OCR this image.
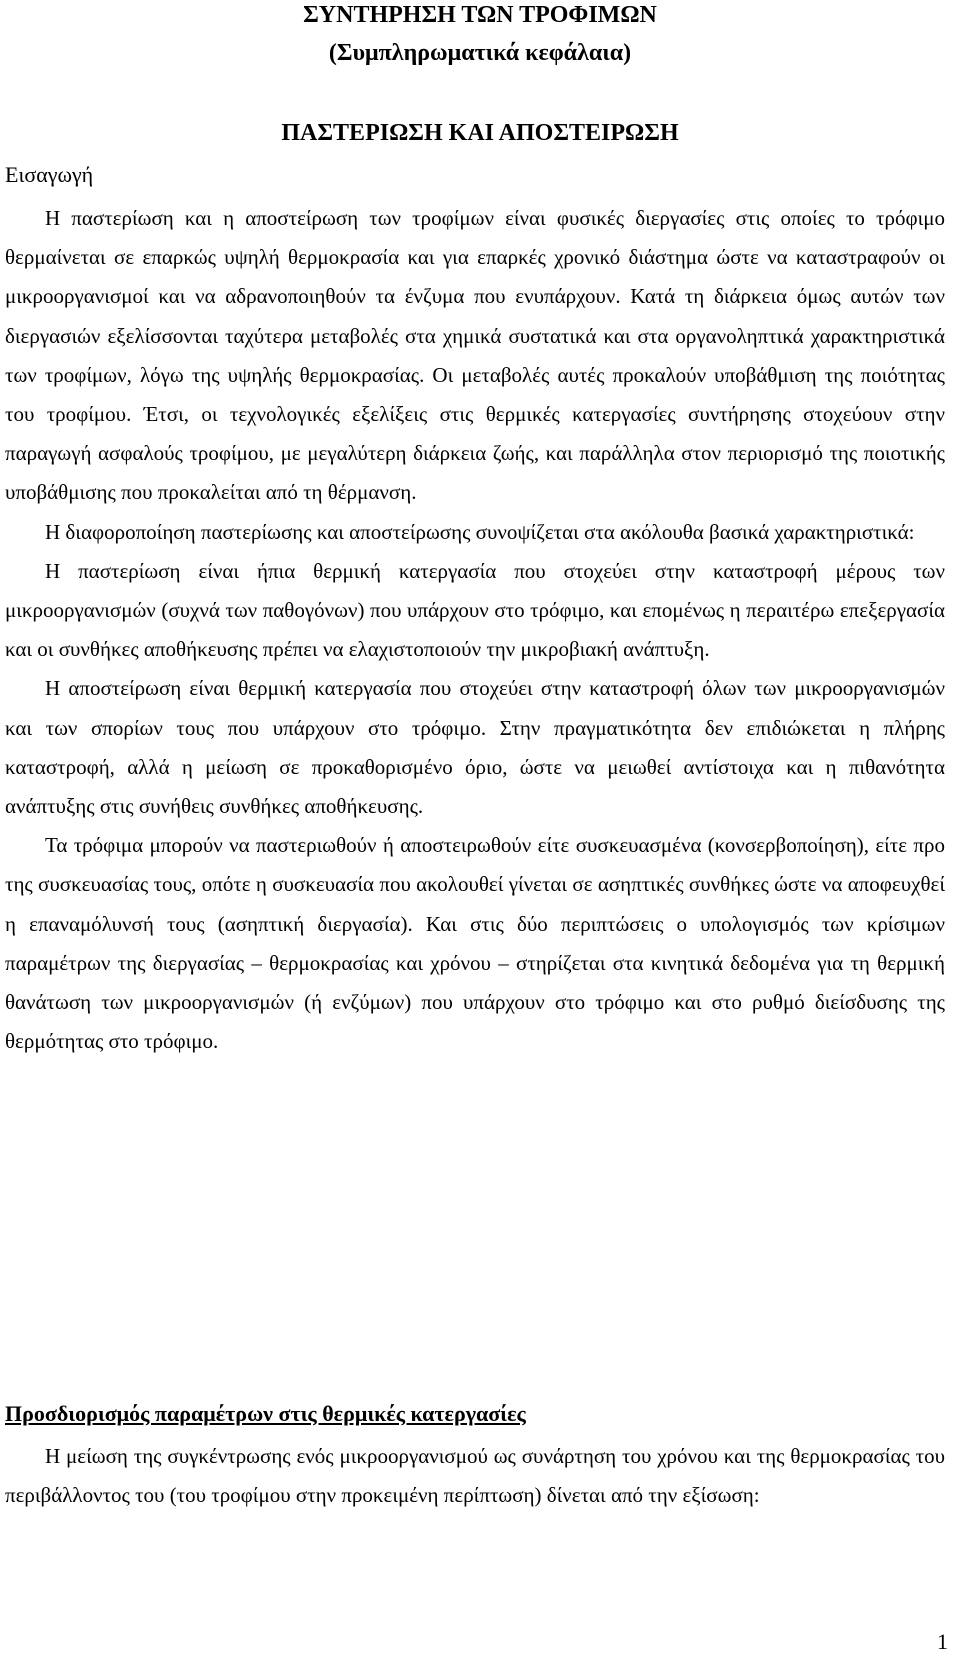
ΣΥΝΤΗΡΗΣΗ ΤΩΝ ΤΡΟΦΙΜΩΝ
(Συμπληρωματικά κεφάλαια)
ΠΑΣΤΕΡΙΩΣΗ ΚΑΙ ΑΠΟΣΤΕΙΡΩΣΗ
Εισαγωγή

Η παστερίωση και η αποστείρωση των τροφίμων είναι φυσικές διεργασίες στις οποίες το τρόφιμο θερμαίνεται σε επαρκώς υψηλή θερμοκρασία και για επαρκές χρονικό διάστημα ώστε να καταστραφούν οι μικροοργανισμοί και να αδρανοποιηθούν τα ένζυμα που ενυπάρχουν. Κατά τη διάρκεια όμως αυτών των διεργασιών εξελίσσονται ταχύτερα μεταβολές στα χημικά συστατικά και στα οργανοληπτικά χαρακτηριστικά των τροφίμων, λόγω της υψηλής θερμοκρασίας. Οι μεταβολές αυτές προκαλούν υποβάθμιση της ποιότητας του τροφίμου. Έτσι, οι τεχνολογικές εξελίξεις στις θερμικές κατεργασίες συντήρησης στοχεύουν στην παραγωγή ασφαλούς τροφίμου, με μεγαλύτερη διάρκεια ζωής, και παράλληλα στον περιορισμό της ποιοτικής υποβάθμισης που προκαλείται από τη θέρμανση.

Η διαφοροποίηση παστερίωσης και αποστείρωσης συνοψίζεται στα ακόλουθα βασικά χαρακτηριστικά:

Η παστερίωση είναι ήπια θερμική κατεργασία που στοχεύει στην καταστροφή μέρους των μικροοργανισμών (συχνά των παθογόνων) που υπάρχουν στο τρόφιμο, και επομένως η περαιτέρω επεξεργασία και οι συνθήκες αποθήκευσης πρέπει να ελαχιστοποιούν την μικροβιακή ανάπτυξη.

Η αποστείρωση είναι θερμική κατεργασία που στοχεύει στην καταστροφή όλων των μικροοργανισμών και των σπορίων τους που υπάρχουν στο τρόφιμο. Στην πραγματικότητα δεν επιδιώκεται η πλήρης καταστροφή, αλλά η μείωση σε προκαθορισμένο όριο, ώστε να μειωθεί αντίστοιχα και η πιθανότητα ανάπτυξης στις συνήθεις συνθήκες αποθήκευσης.

Τα τρόφιμα μπορούν να παστεριωθούν ή αποστειρωθούν είτε συσκευασμένα (κονσερβοποίηση), είτε προ της συσκευασίας τους, οπότε η συσκευασία που ακολουθεί γίνεται σε ασηπτικές συνθήκες ώστε να αποφευχθεί η επαναμόλυνσή τους (ασηπτική διεργασία). Και στις δύο περιπτώσεις ο υπολογισμός των κρίσιμων παραμέτρων της διεργασίας – θερμοκρασίας και χρόνου – στηρίζεται στα κινητικά δεδομένα για τη θερμική θανάτωση των μικροοργανισμών (ή ενζύμων) που υπάρχουν στο τρόφιμο και στο ρυθμό διείσδυσης της θερμότητας στο τρόφιμο.

Προσδιορισμός παραμέτρων στις θερμικές κατεργασίες

Η μείωση της συγκέντρωσης ενός μικροοργανισμού ως συνάρτηση του χρόνου και της θερμοκρασίας του περιβάλλοντος του (του τροφίμου στην προκειμένη περίπτωση) δίνεται από την εξίσωση:

1
